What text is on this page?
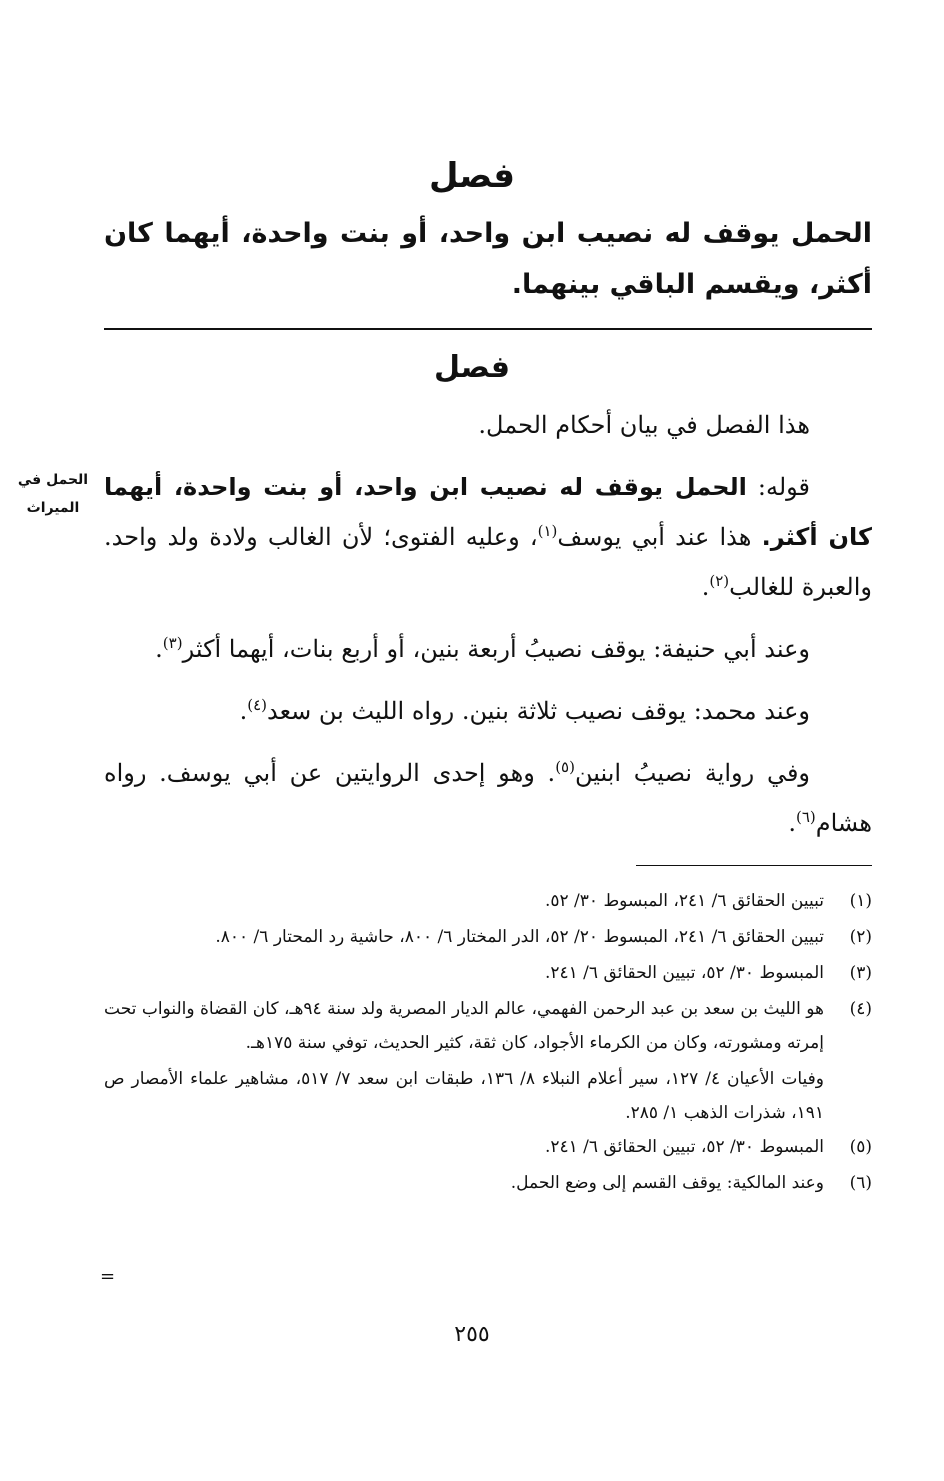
فصل
الحمل يوقف له نصيب ابن واحد، أو بنت واحدة، أيهما كان أكثر، ويقسم الباقي بينهما.
فصل
الحمل في الميراث

هذا الفصل في بيان أحكام الحمل.

قوله: الحمل يوقف له نصيب ابن واحد، أو بنت واحدة، أيهما كان أكثر. هذا عند أبي يوسف$^{(١)}$، وعليه الفتوى؛ لأن الغالب ولادة ولد واحد. والعبرة للغالب$^{(٢)}$.

وعند أبي حنيفة: يوقف نصيبُ أربعة بنين، أو أربع بنات، أيهما أكثر$^{(٣)}$.

وعند محمد: يوقف نصيب ثلاثة بنين. رواه الليث بن سعد$^{(٤)}$.

وفي رواية نصيبُ ابنين$^{(٥)}$. وهو إحدى الروايتين عن أبي يوسف. رواه هشام$^{(٦)}$.

(١)
تبيين الحقائق ٦/ ٢٤١، المبسوط ٣٠/ ٥٢.
(٢)
تبيين الحقائق ٦/ ٢٤١، المبسوط ٢٠/ ٥٢، الدر المختار ٦/ ٨٠٠، حاشية رد المحتار ٦/ ٨٠٠.
(٣)
المبسوط ٣٠/ ٥٢، تبيين الحقائق ٦/ ٢٤١.
(٤)
هو الليث بن سعد بن عبد الرحمن الفهمي، عالم الديار المصرية ولد سنة ٩٤هـ، كان القضاة والنواب تحت إمرته ومشورته، وكان من الكرماء الأجواد، كان ثقة، كثير الحديث، توفي سنة ١٧٥هـ.
وفيات الأعيان ٤/ ١٢٧، سير أعلام النبلاء ٨/ ١٣٦، طبقات ابن سعد ٧/ ٥١٧، مشاهير علماء الأمصار ص ١٩١، شذرات الذهب ١/ ٢٨٥.
(٥)
المبسوط ٣٠/ ٥٢، تبيين الحقائق ٦/ ٢٤١.
(٦)
وعند المالكية: يوقف القسم إلى وضع الحمل.
=
٢٥٥
